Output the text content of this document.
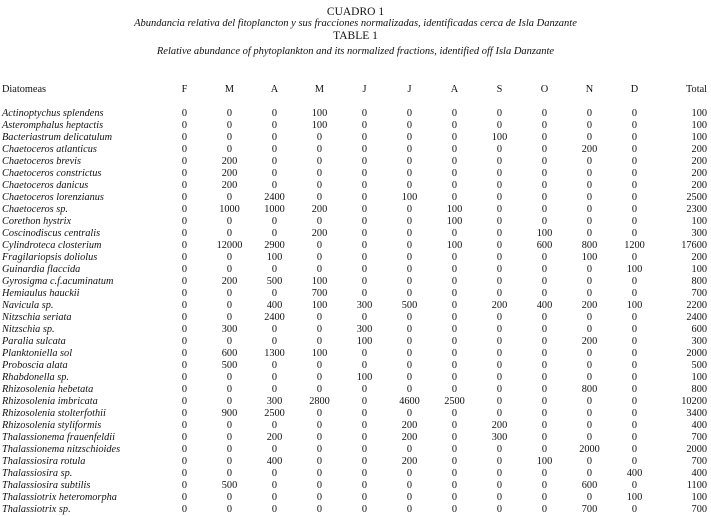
CUADRO 1
Abundancia relativa del fitoplancton y sus fracciones normalizadas, identificadas cerca de Isla Danzante
TABLE 1
Relative abundance of phytoplankton and its normalized fractions, identified off Isla Danzante
Diatomeas	F	M	A	M	J	J	A	S	O	N	D	Total
Actinoptychus splendens	0	0	0	100	0	0	0	0	0	0	0	100
Asteromphalus heptactis	0	0	0	100	0	0	0	0	0	0	0	100
Bacteriastrum delicatulum	0	0	0	0	0	0	0	100	0	0	0	100
Chaetoceros atlanticus	0	0	0	0	0	0	0	0	0	200	0	200
Chaetoceros brevis	0	200	0	0	0	0	0	0	0	0	0	200
Chaetoceros constrictus	0	200	0	0	0	0	0	0	0	0	0	200
Chaetoceros danicus	0	200	0	0	0	0	0	0	0	0	0	200
Chaetoceros lorenzianus	0	0	2400	0	0	100	0	0	0	0	0	2500
Chaetoceros sp.	0	1000	1000	200	0	0	100	0	0	0	0	2300
Corethon hystrix	0	0	0	0	0	0	100	0	0	0	0	100
Coscinodiscus centralis	0	0	0	200	0	0	0	0	100	0	0	300
Cylindroteca closterium	0	12000	2900	0	0	0	100	0	600	800	1200	17600
Fragilariopsis doliolus	0	0	100	0	0	0	0	0	0	100	0	200
Guinardia flaccida	0	0	0	0	0	0	0	0	0	0	100	100
Gyrosigma c.f.acuminatum	0	200	500	100	0	0	0	0	0	0	0	800
Hemiaulus hauckii	0	0	0	700	0	0	0	0	0	0	0	700
Navicula sp.	0	0	400	100	300	500	0	200	400	200	100	2200
Nitzschia seriata	0	0	2400	0	0	0	0	0	0	0	0	2400
Nitzschia sp.	0	300	0	0	300	0	0	0	0	0	0	600
Paralia sulcata	0	0	0	0	100	0	0	0	0	200	0	300
Planktoniella sol	0	600	1300	100	0	0	0	0	0	0	0	2000
Proboscia alata	0	500	0	0	0	0	0	0	0	0	0	500
Rhabdonella sp.	0	0	0	0	100	0	0	0	0	0	0	100
Rhizosolenia hebetata	0	0	0	0	0	0	0	0	0	800	0	800
Rhizosolenia imbricata	0	0	300	2800	0	4600	2500	0	0	0	0	10200
Rhizosolenia stolterfothii	0	900	2500	0	0	0	0	0	0	0	0	3400
Rhizosolenia styliformis	0	0	0	0	0	200	0	200	0	0	0	400
Thalassionema frauenfeldii	0	0	200	0	0	200	0	300	0	0	0	700
Thalassionema nitzschioides	0	0	0	0	0	0	0	0	0	2000	0	2000
Thalassiosira rotula	0	0	400	0	0	200	0	0	100	0	0	700
Thalassiosira sp.	0	0	0	0	0	0	0	0	0	0	400	400
Thalassiosira subtilis	0	500	0	0	0	0	0	0	0	600	0	1100
Thalassiotrix heteromorpha	0	0	0	0	0	0	0	0	0	0	100	100
Thalassiotrix sp.	0	0	0	0	0	0	0	0	0	700	0	700
